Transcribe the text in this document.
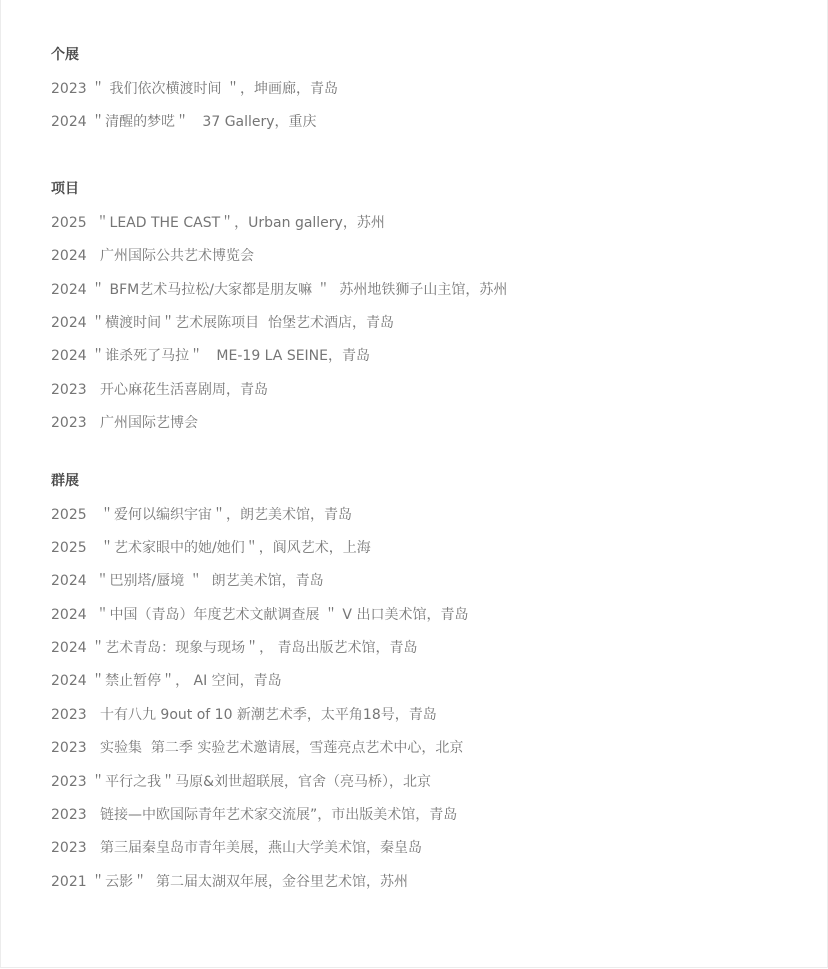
个展
2023 ＂ 我们依次横渡时间 ＂，坤画廊，青岛
2024 ＂清醒的梦呓＂   37 Gallery，重庆
项目
2025  ＂LEAD THE CAST＂，Urban gallery，苏州
2024   广州国际公共艺术博览会
2024 ＂ BFM艺术马拉松/大家都是朋友嘛 ＂  苏州地铁狮子山主馆，苏州
2024 ＂横渡时间＂艺术展陈项目  怡堡艺术酒店，青岛
2024 ＂谁杀死了马拉＂   ME-19 LA SEINE，青岛
2023   开心麻花生活喜剧周，青岛
2023   广州国际艺博会
群展
2025   ＂爱何以编织宇宙＂，朗艺美术馆，青岛
2025   ＂艺术家眼中的她/她们＂，阆风艺术，上海
2024  ＂巴别塔/蜃境 ＂  朗艺美术馆，青岛
2024  ＂中国（青岛）年度艺术文献调查展 ＂ V 出口美术馆，青岛
2024 ＂艺术青岛：现象与现场＂， 青岛出版艺术馆，青岛
2024 ＂禁止暂停＂， AI 空间，青岛
2023   十有八九 9out of 10 新潮艺术季，太平角18号，青岛
2023   实验集  第二季 实验艺术邀请展，雪莲亮点艺术中心，北京
2023 ＂平行之我＂马原&刘世超联展，官舍（亮马桥），北京
2023   链接—中欧国际青年艺术家交流展”，市出版美术馆，青岛
2023   第三届秦皇岛市青年美展，燕山大学美术馆，秦皇岛
2021 ＂云影＂  第二届太湖双年展，金谷里艺术馆，苏州
